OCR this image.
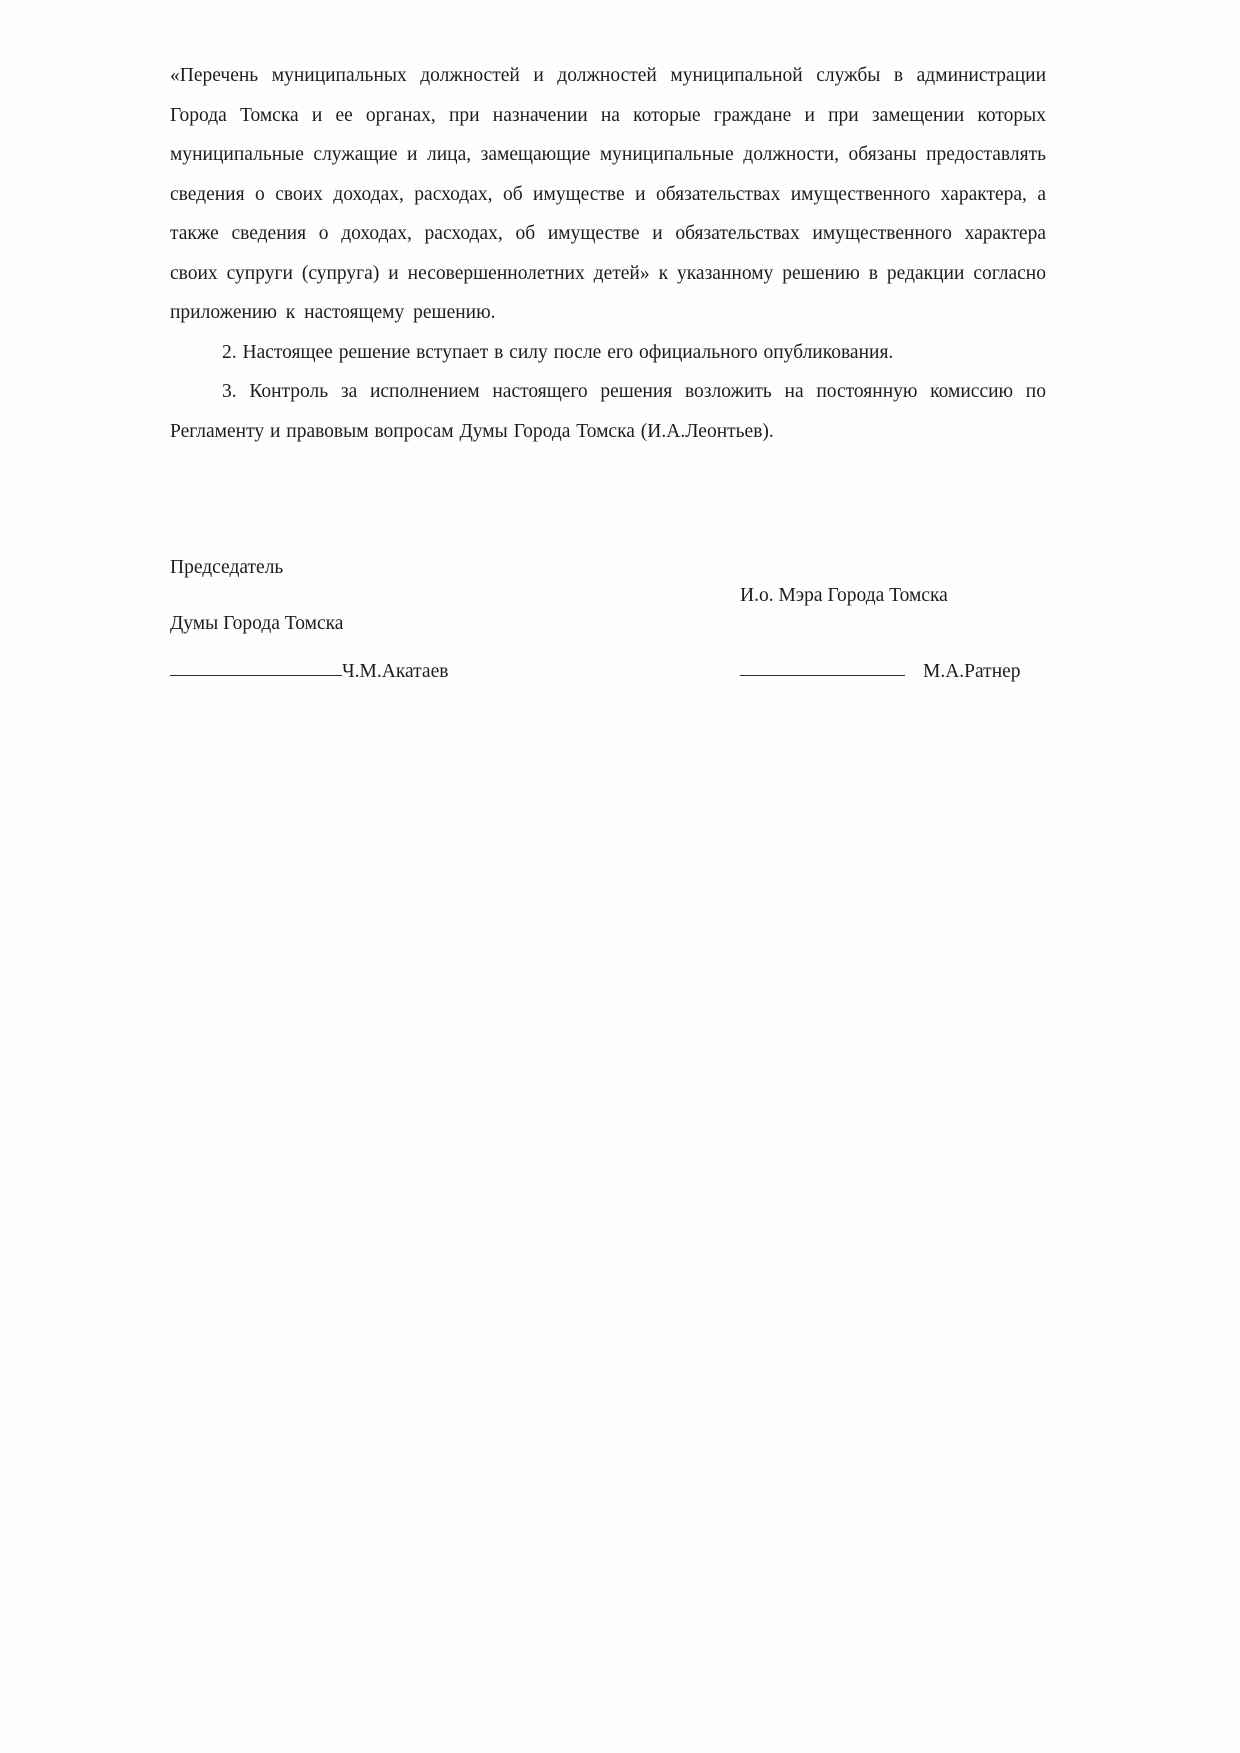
«Перечень муниципальных должностей и должностей муниципальной службы в администрации Города Томска и ее органах, при назначении на которые граждане и при замещении которых муниципальные служащие и лица, замещающие муниципальные должности, обязаны предоставлять сведения о своих доходах, расходах, об имуществе и обязательствах имущественного характера, а также сведения о доходах, расходах, об имуществе и обязательствах имущественного характера своих супруги (супруга) и несовершеннолетних детей» к указанному решению в редакции согласно приложению к настоящему решению.

2. Настоящее решение вступает в силу после его официального опубликования.

3. Контроль за исполнением настоящего решения возложить на постоянную комиссию по Регламенту и правовым вопросам Думы Города Томска (И.А.Леонтьев).

Председатель
И.о. Мэра Города Томска
Думы Города Томска
Ч.М.Акатаев	М.А.Ратнер
